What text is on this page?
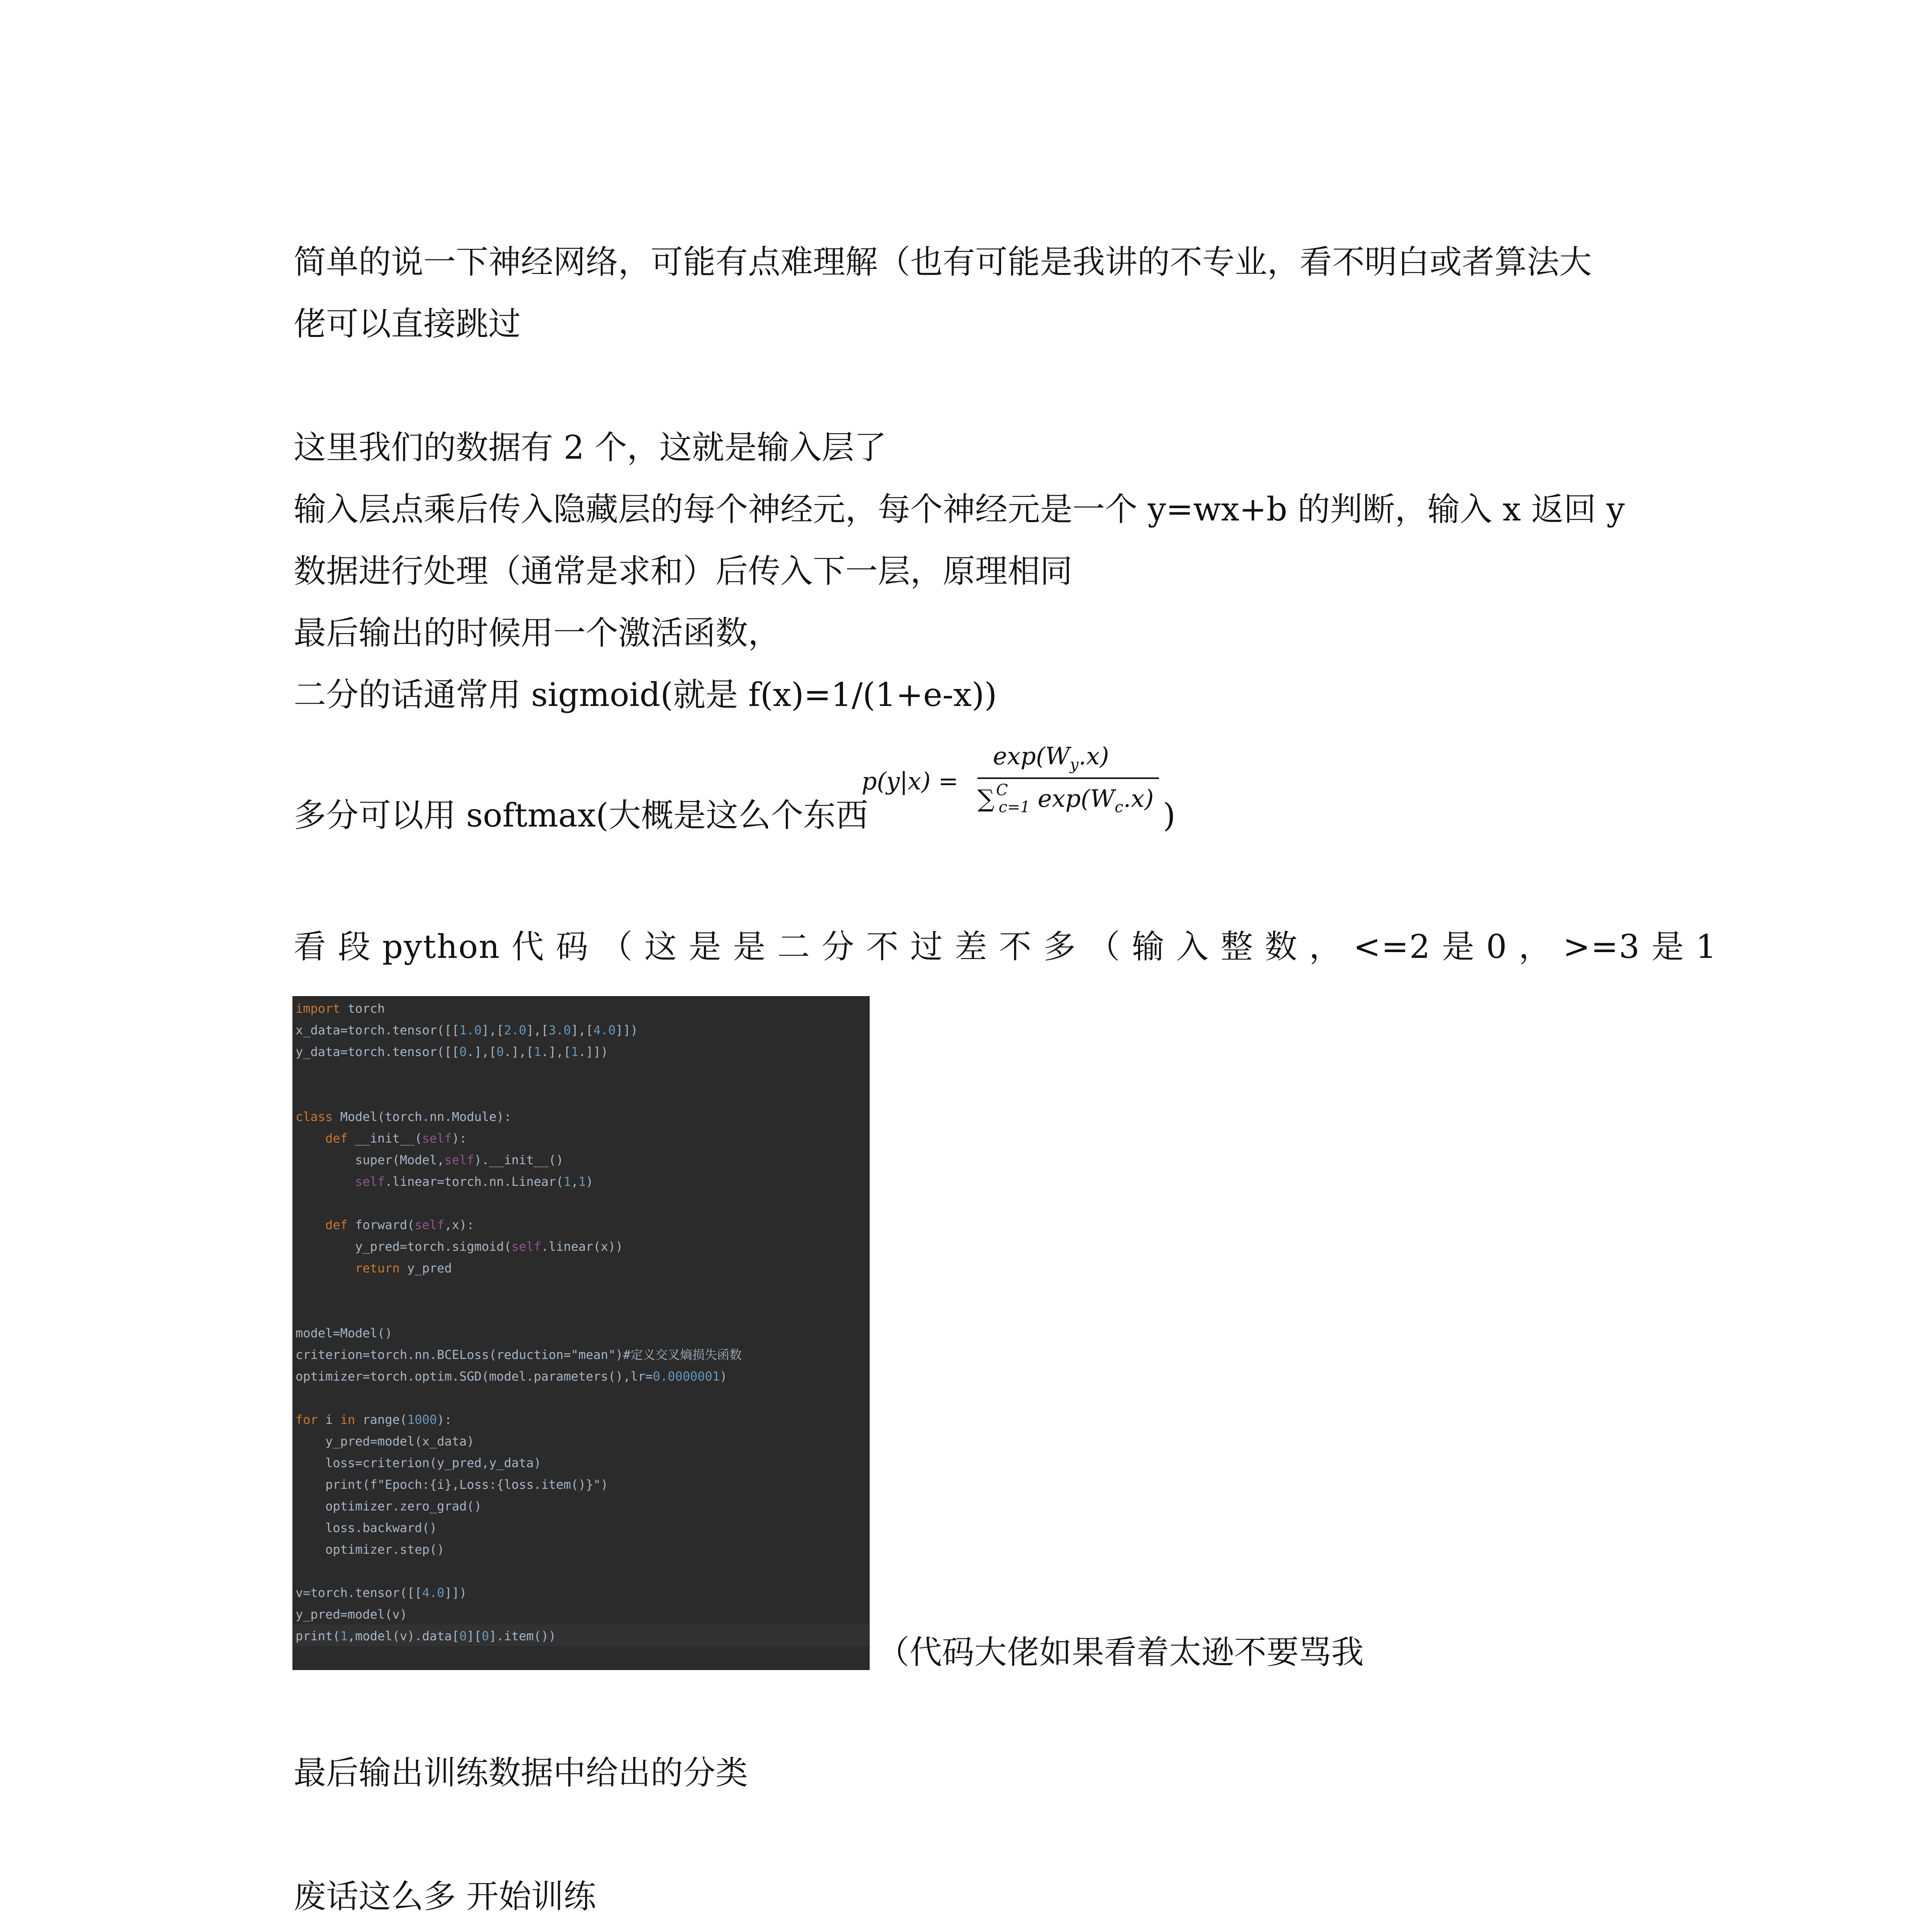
简单的说一下神经网络，可能有点难理解（也有可能是我讲的不专业，看不明白或者算法大
佬可以直接跳过
这里我们的数据有 2 个，这就是输入层了
输入层点乘后传入隐藏层的每个神经元，每个神经元是一个 y=wx+b 的判断，输入 x 返回 y
数据进行处理（通常是求和）后传入下一层，原理相同
最后输出的时候用一个激活函数，
二分的话通常用 sigmoid(就是 f(x)=1/(1+e-x))
多分可以用 softmax(大概是这么个东西	)
p(y|x) =
$\exp(W_y.x)$
∑ $^C_{c=1}$ $\exp(W_c.x)$
看 段 python 代 码 （ 这 是 是 二 分 不 过 差 不 多 （ 输 入 整 数 ， <=2 是 0 ， >=3 是 1
import torch
x_data=torch.tensor([[1.0],[2.0],[3.0],[4.0]])
y_data=torch.tensor([[0.],[0.],[1.],[1.]])
class Model(torch.nn.Module):
def __init__(self):
super(Model,self).__init__()
self.linear=torch.nn.Linear(1,1)
def forward(self,x):
y_pred=torch.sigmoid(self.linear(x))
return y_pred
model=Model()
criterion=torch.nn.BCELoss(reduction="mean")#定义交叉熵损失函数
optimizer=torch.optim.SGD(model.parameters(),lr=0.0000001)
for i in range(1000):
y_pred=model(x_data)
loss=criterion(y_pred,y_data)
print(f"Epoch:{i},Loss:{loss.item()}")
optimizer.zero_grad()
loss.backward()
optimizer.step()
v=torch.tensor([[4.0]])
y_pred=model(v)
print(1,model(v).data[0][0].item())	（代码大佬如果看着太逊不要骂我
最后输出训练数据中给出的分类
废话这么多 开始训练
